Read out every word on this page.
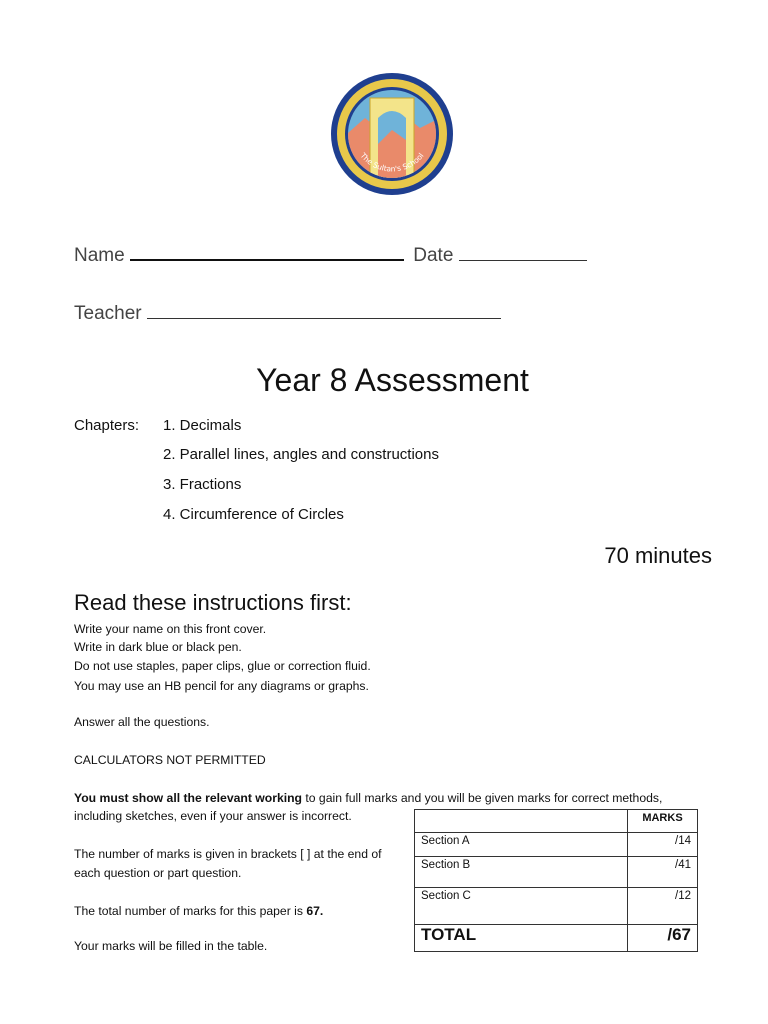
The Sultan's School
Name	Date
Teacher
Year 8 Assessment
Chapters: 1. Decimals
2. Parallel lines, angles and constructions
3. Fractions
4. Circumference of Circles
70 minutes
Read these instructions first:
Write your name on this front cover.
Write in dark blue or black pen.
Do not use staples, paper clips, glue or correction fluid.
You may use an HB pencil for any diagrams or graphs.
Answer all the questions.
CALCULATORS NOT PERMITTED
You must show all the relevant working to gain full marks and you will be given marks for correct methods,
including sketches, even if your answer is incorrect.
The number of marks is given in brackets [ ] at the end of
each question or part question.
The total number of marks for this paper is 67.
Your marks will be filled in the table.
	MARKS
Section A	/14
Section B	/41
Section C	/12
TOTAL	/67
